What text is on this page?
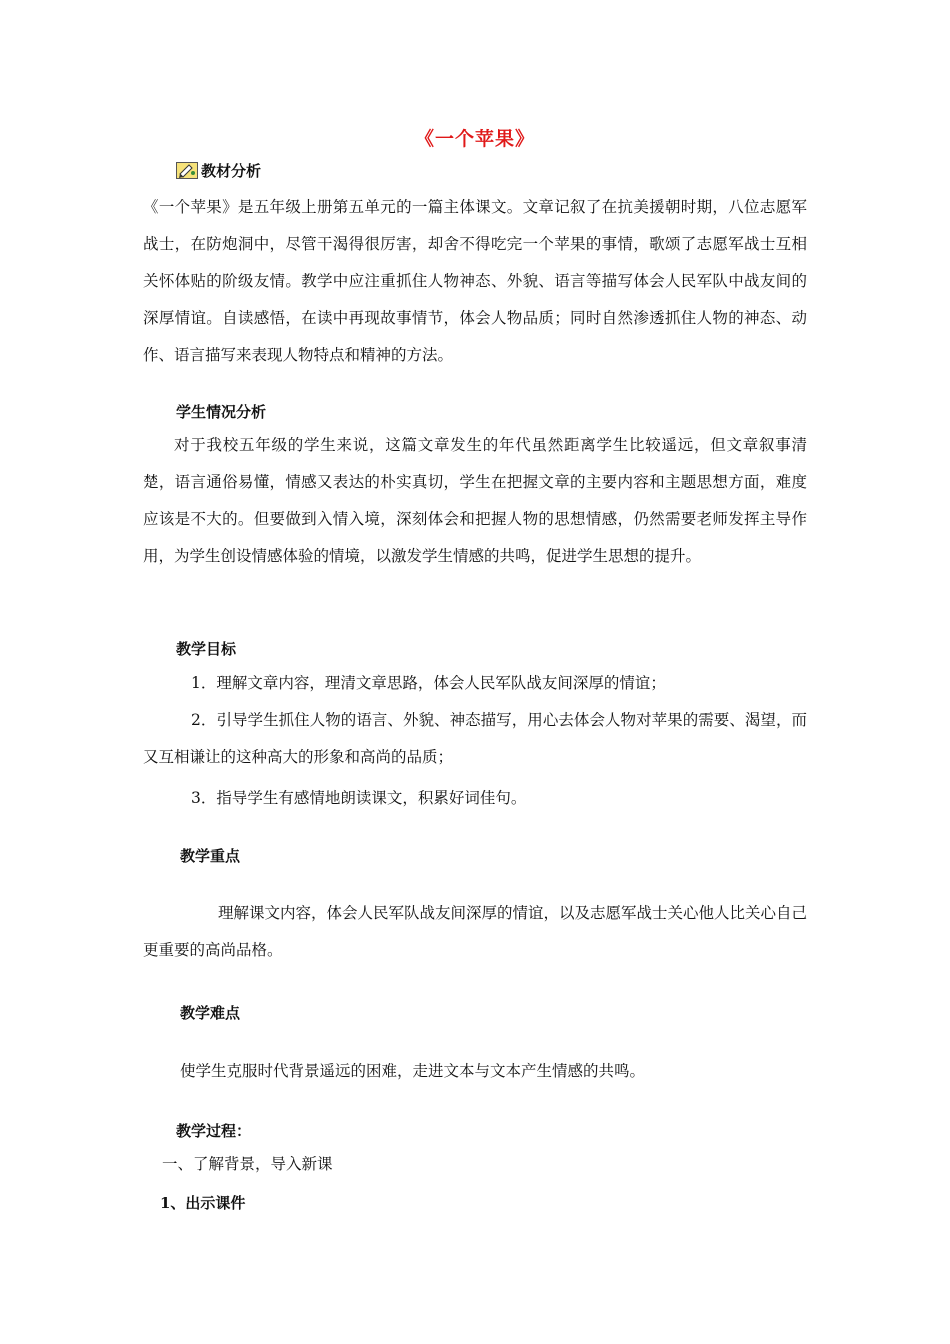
《一个苹果》
教材分析
《一个苹果》是五年级上册第五单元的一篇主体课文。文章记叙了在抗美援朝时期，八位志愿军战士，在防炮洞中，尽管干渴得很厉害，却舍不得吃完一个苹果的事情，歌颂了志愿军战士互相关怀体贴的阶级友情。教学中应注重抓住人物神态、外貌、语言等描写体会人民军队中战友间的深厚情谊。自读感悟，在读中再现故事情节，体会人物品质；同时自然渗透抓住人物的神态、动作、语言描写来表现人物特点和精神的方法。
学生情况分析
对于我校五年级的学生来说，这篇文章发生的年代虽然距离学生比较遥远，但文章叙事清楚，语言通俗易懂，情感又表达的朴实真切，学生在把握文章的主要内容和主题思想方面，难度应该是不大的。但要做到入情入境，深刻体会和把握人物的思想情感，仍然需要老师发挥主导作用，为学生创设情感体验的情境，以激发学生情感的共鸣，促进学生思想的提升。
教学目标
1．理解文章内容，理清文章思路，体会人民军队战友间深厚的情谊；
2．引导学生抓住人物的语言、外貌、神态描写，用心去体会人物对苹果的需要、渴望，而又互相谦让的这种高大的形象和高尚的品质；
3．指导学生有感情地朗读课文，积累好词佳句。
教学重点
理解课文内容，体会人民军队战友间深厚的情谊，以及志愿军战士关心他人比关心自己更重要的高尚品格。
教学难点
使学生克服时代背景遥远的困难，走进文本与文本产生情感的共鸣。
教学过程：
一、了解背景，导入新课
1、出示课件
